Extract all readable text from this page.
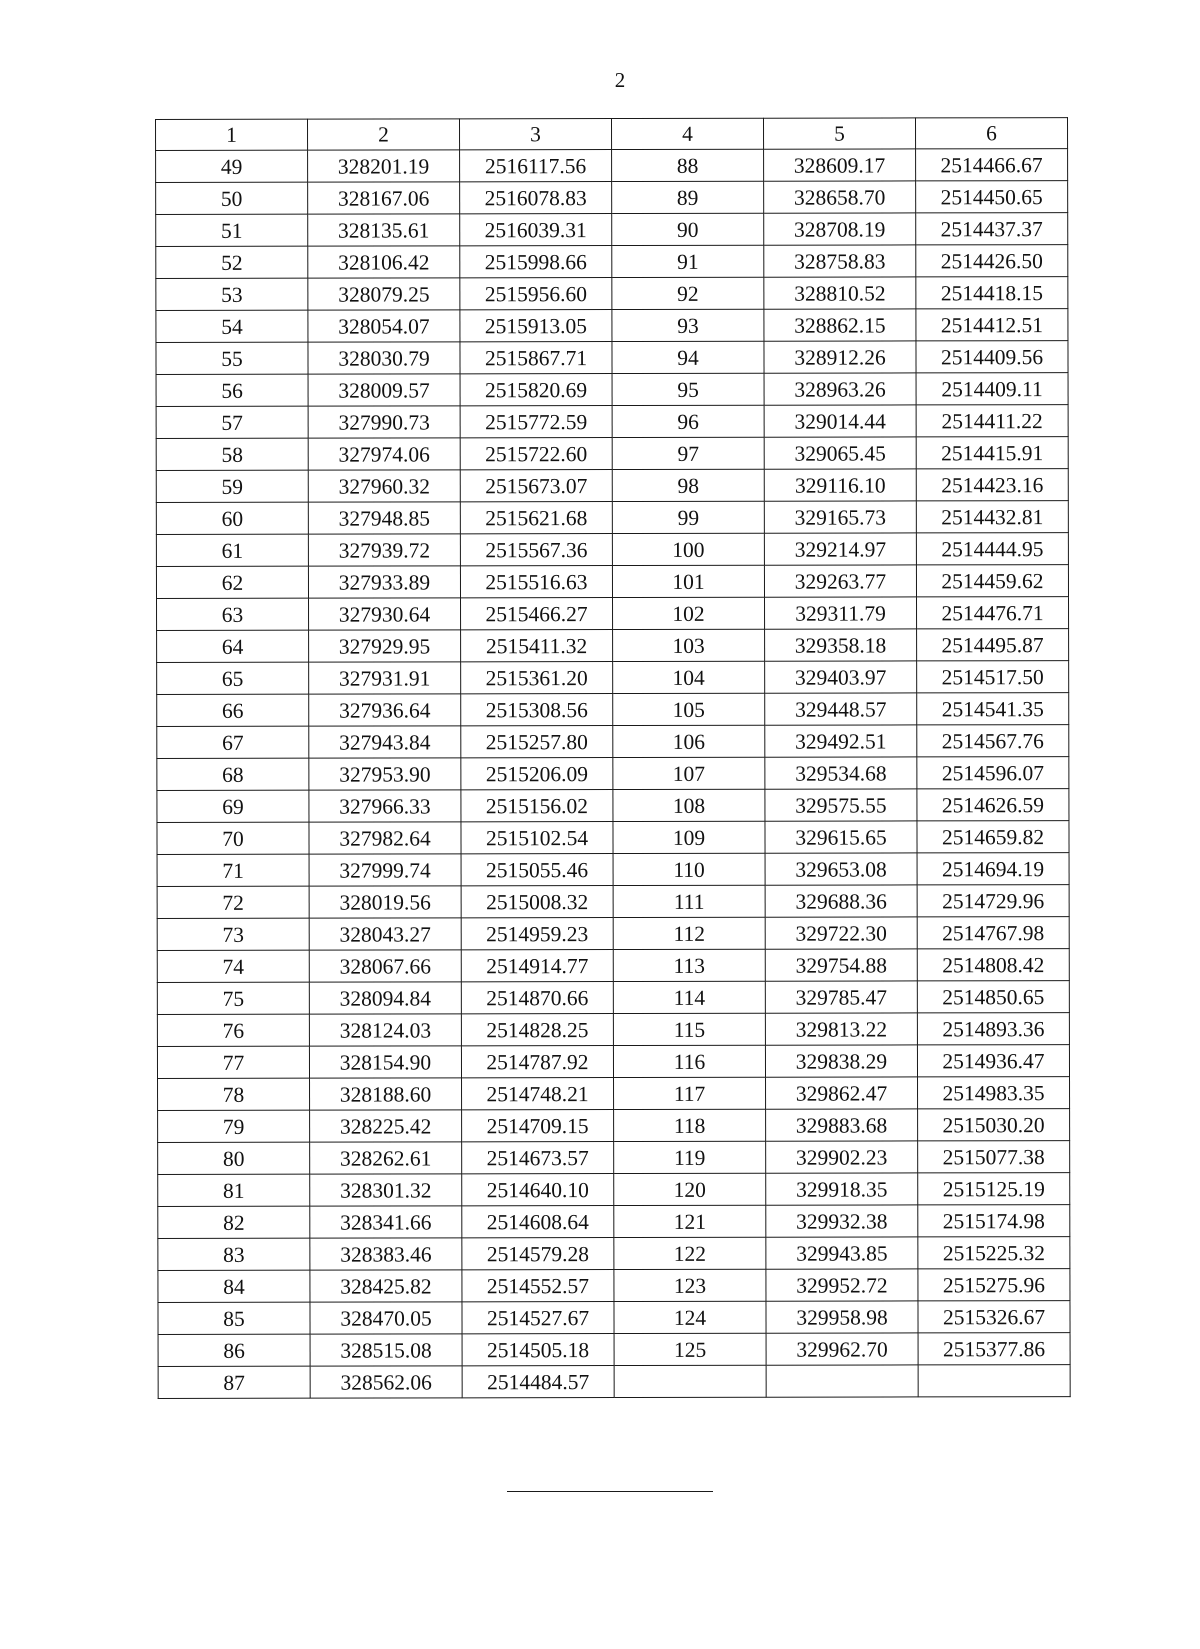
2
1	2	3	4	5	6
49	328201.19	2516117.56	88	328609.17	2514466.67
50	328167.06	2516078.83	89	328658.70	2514450.65
51	328135.61	2516039.31	90	328708.19	2514437.37
52	328106.42	2515998.66	91	328758.83	2514426.50
53	328079.25	2515956.60	92	328810.52	2514418.15
54	328054.07	2515913.05	93	328862.15	2514412.51
55	328030.79	2515867.71	94	328912.26	2514409.56
56	328009.57	2515820.69	95	328963.26	2514409.11
57	327990.73	2515772.59	96	329014.44	2514411.22
58	327974.06	2515722.60	97	329065.45	2514415.91
59	327960.32	2515673.07	98	329116.10	2514423.16
60	327948.85	2515621.68	99	329165.73	2514432.81
61	327939.72	2515567.36	100	329214.97	2514444.95
62	327933.89	2515516.63	101	329263.77	2514459.62
63	327930.64	2515466.27	102	329311.79	2514476.71
64	327929.95	2515411.32	103	329358.18	2514495.87
65	327931.91	2515361.20	104	329403.97	2514517.50
66	327936.64	2515308.56	105	329448.57	2514541.35
67	327943.84	2515257.80	106	329492.51	2514567.76
68	327953.90	2515206.09	107	329534.68	2514596.07
69	327966.33	2515156.02	108	329575.55	2514626.59
70	327982.64	2515102.54	109	329615.65	2514659.82
71	327999.74	2515055.46	110	329653.08	2514694.19
72	328019.56	2515008.32	111	329688.36	2514729.96
73	328043.27	2514959.23	112	329722.30	2514767.98
74	328067.66	2514914.77	113	329754.88	2514808.42
75	328094.84	2514870.66	114	329785.47	2514850.65
76	328124.03	2514828.25	115	329813.22	2514893.36
77	328154.90	2514787.92	116	329838.29	2514936.47
78	328188.60	2514748.21	117	329862.47	2514983.35
79	328225.42	2514709.15	118	329883.68	2515030.20
80	328262.61	2514673.57	119	329902.23	2515077.38
81	328301.32	2514640.10	120	329918.35	2515125.19
82	328341.66	2514608.64	121	329932.38	2515174.98
83	328383.46	2514579.28	122	329943.85	2515225.32
84	328425.82	2514552.57	123	329952.72	2515275.96
85	328470.05	2514527.67	124	329958.98	2515326.67
86	328515.08	2514505.18	125	329962.70	2515377.86
87	328562.06	2514484.57			
